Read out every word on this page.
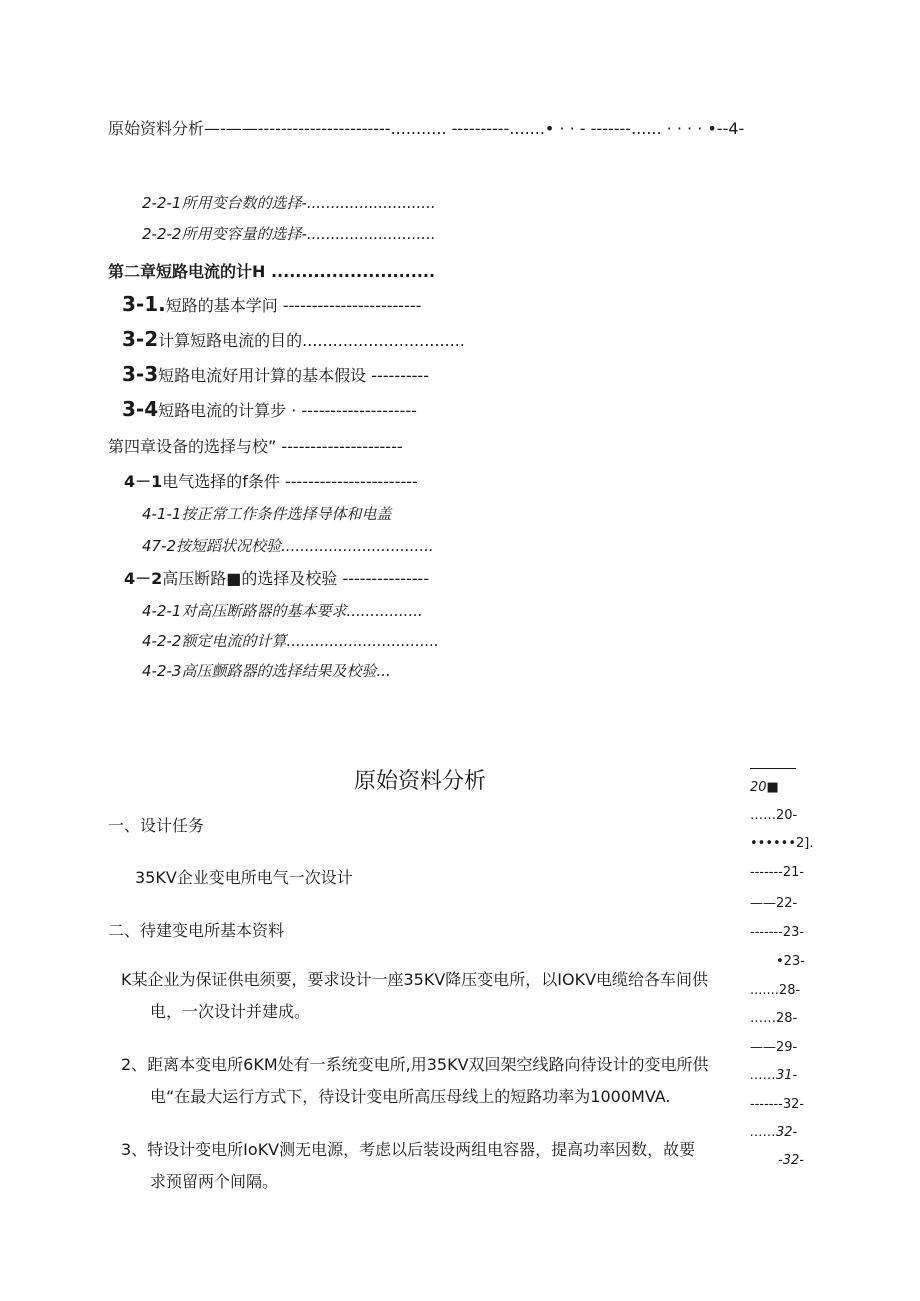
原始资料分析—-——-----------------------........... ----------.......• · · - -------...... · · · · •--4-
2-2-1所用变台数的选择-...........................
2-2-2所用变容量的选择-...........................
第二章短路电流的计H ...........................
3-1.短路的基本学问 ------------------------
3-2计算短路电流的目的................................
3-3短路电流好用计算的基本假设 ----------
3-4短路电流的计算步 · --------------------
第四章设备的选择与校” ---------------------
4－1电气选择的f条件 -----------------------
4-1-1按正常工作条件选择导体和电盖
47-2按短蹈状况校验................................
4－2高压断路■的选择及校验 ---------------
4-2-1对高压断路器的基本要求................
4-2-2额定电流的计算................................
4-2-3高压颤路器的选择结果及校验...
20■
……20-
••••••2].
-------21-
——22-
-------23-
•23-
.......28-
……28-
——29-
……31-
-------32-
……32-
-32-
原始资料分析
一、设计任务
35KV企业变电所电气一次设计
二、待建变电所基本资料
K某企业为保证供电须要，要求设计一座35KV降压变电所，以IOKV电缆给各车间供
电，一次设计并建成。
2、距离本变电所6KM处有一系统变电所,用35KV双回架空线路向待设计的变电所供
电“在最大运行方式下，待设计变电所高压母线上的短路功率为1000MVA.
3、特设计变电所IoKV测无电源，考虑以后装设两组电容器，提高功率因数，故要
求预留两个间隔。
